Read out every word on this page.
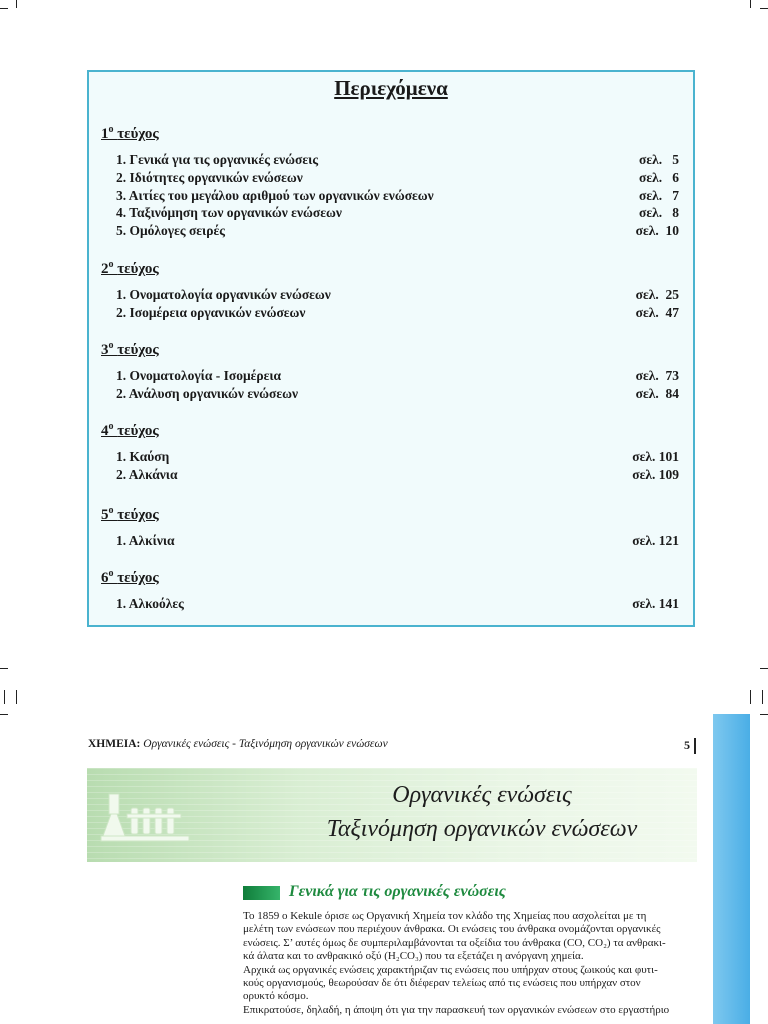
Περιεχόμενα
$1^o$ τεύχος
1. Γενικά για τις οργανικές ενώσεις	σελ.   5
2. Ιδιότητες οργανικών ενώσεων	σελ.   6
3. Αιτίες του μεγάλου αριθμού των οργανικών ενώσεων	σελ.   7
4. Ταξινόμηση των οργανικών ενώσεων	σελ.   8
5. Ομόλογες σειρές	σελ.  10
$2^o$ τεύχος
1. Ονοματολογία οργανικών ενώσεων	σελ.  25
2. Ισομέρεια οργανικών ενώσεων	σελ.  47
$3^o$ τεύχος
1. Ονοματολογία - Ισομέρεια	σελ.  73
2. Ανάλυση οργανικών ενώσεων	σελ.  84
$4^o$ τεύχος
1. Καύση	σελ. 101
2. Αλκάνια	σελ. 109
$5^o$ τεύχος
1. Αλκίνια	σελ. 121
$6^o$ τεύχος
1. Αλκοόλες	σελ. 141
ΧΗΜΕΙΑ: Οργανικές ενώσεις - Ταξινόμηση οργανικών ενώσεων	5
Οργανικές ενώσεις
Ταξινόμηση οργανικών ενώσεων
Γενικά για τις οργανικές ενώσεις
Το 1859 ο Kekule όρισε ως Οργανική Χημεία τον κλάδο της Χημείας που ασχολείται με τη
μελέτη των ενώσεων που περιέχουν άνθρακα. Οι ενώσεις του άνθρακα ονομάζονται οργανικές
ενώσεις. Σ’ αυτές όμως δε συμπεριλαμβάνονται τα οξείδια του άνθρακα (CO, CO₂) τα ανθρακι-
κά άλατα και το ανθρακικό οξύ (H₂CO₃) που τα εξετάζει η ανόργανη χημεία.
Αρχικά ως οργανικές ενώσεις χαρακτήριζαν τις ενώσεις που υπήρχαν στους ζωικούς και φυτι-
κούς οργανισμούς, θεωρούσαν δε ότι διέφεραν τελείως από τις ενώσεις που υπήρχαν στον
ορυκτό κόσμο.
Επικρατούσε, δηλαδή, η άποψη ότι για την παρασκευή των οργανικών ενώσεων στο εργαστήριο
